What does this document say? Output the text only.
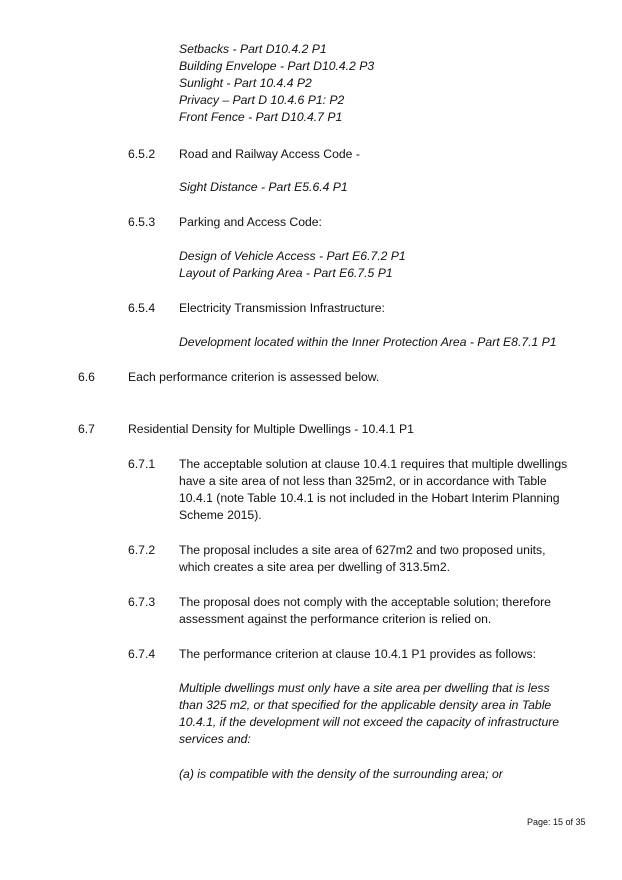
Setbacks - Part D10.4.2 P1
Building Envelope - Part D10.4.2 P3
Sunlight - Part 10.4.4 P2
Privacy – Part D 10.4.6 P1: P2
Front Fence - Part D10.4.7 P1
6.5.2 Road and Railway Access Code -
Sight Distance - Part E5.6.4 P1
6.5.3 Parking and Access Code:
Design of Vehicle Access - Part E6.7.2 P1
Layout of Parking Area - Part E6.7.5 P1
6.5.4 Electricity Transmission Infrastructure:
Development located within the Inner Protection Area - Part E8.7.1 P1
6.6	Each performance criterion is assessed below.
6.7	Residential Density for Multiple Dwellings - 10.4.1 P1
6.7.1 The acceptable solution at clause 10.4.1 requires that multiple dwellings
have a site area of not less than 325m2, or in accordance with Table
10.4.1 (note Table 10.4.1 is not included in the Hobart Interim Planning
Scheme 2015).
6.7.2 The proposal includes a site area of 627m2 and two proposed units,
which creates a site area per dwelling of 313.5m2.
6.7.3 The proposal does not comply with the acceptable solution; therefore
assessment against the performance criterion is relied on.
6.7.4 The performance criterion at clause 10.4.1 P1 provides as follows:
Multiple dwellings must only have a site area per dwelling that is less
than 325 m2, or that specified for the applicable density area in Table
10.4.1, if the development will not exceed the capacity of infrastructure
services and:
(a) is compatible with the density of the surrounding area; or
Page: 15 of 35
